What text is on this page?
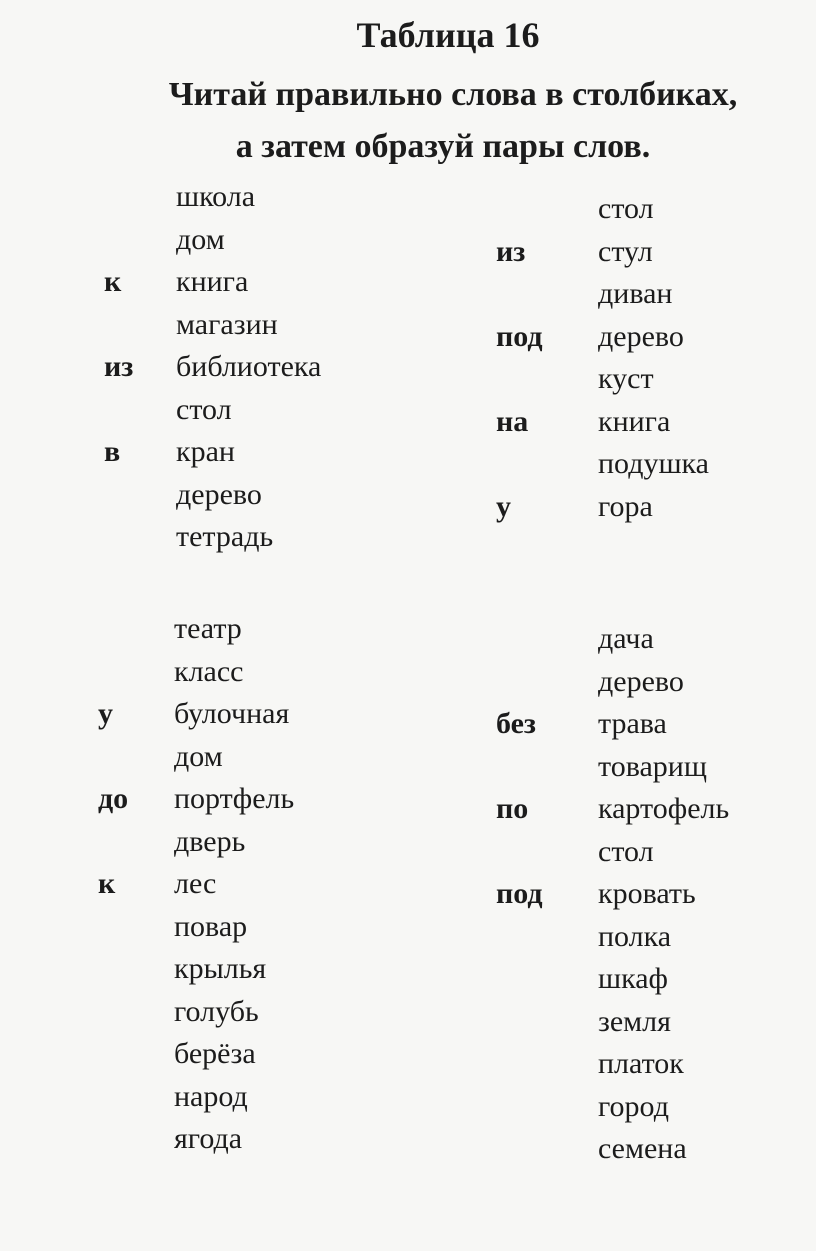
Таблица 16
Читай правильно слова в столбиках,
а затем образуй пары слов.
школа
дом
к книга
магазин
из библиотека
стол
в кран
дерево
тетрадь
стол
из стул
диван
под дерево
куст
на книга
подушка
у	гора
театр
класс
у булочная
дом
до портфель
дверь
к лес
повар
крылья
голубь
берёза
народ
ягода
дача
дерево
без трава
товарищ
по картофель
стол
под кровать
полка
шкаф
земля
платок
город
семена
